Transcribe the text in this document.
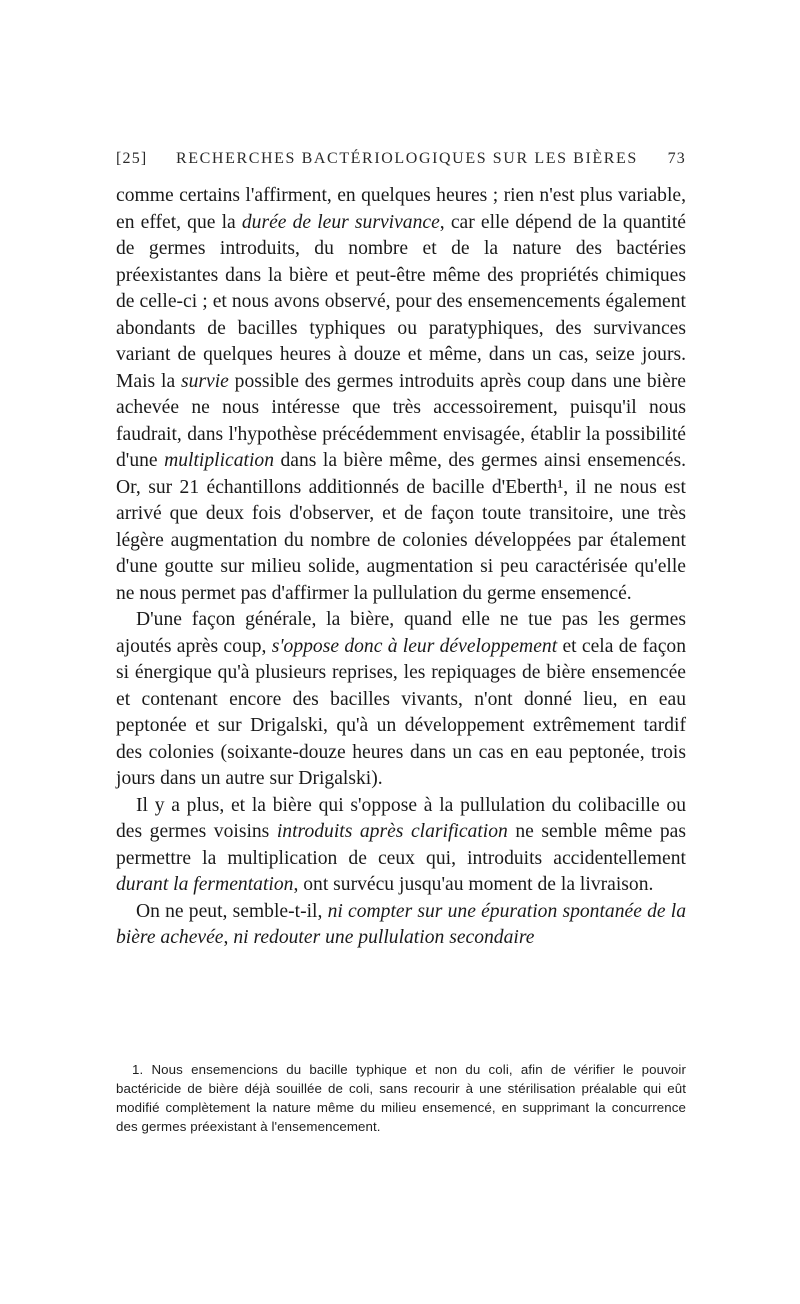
[25] RECHERCHES BACTÉRIOLOGIQUES SUR LES BIÈRES 73

comme certains l'affirment, en quelques heures ; rien n'est plus variable, en effet, que la durée de leur survivance, car elle dépend de la quantité de germes introduits, du nombre et de la nature des bactéries préexistantes dans la bière et peut-être même des propriétés chimiques de celle-ci ; et nous avons observé, pour des ensemencements également abondants de bacilles typhiques ou paratyphiques, des survivances variant de quelques heures à douze et même, dans un cas, seize jours. Mais la survie possible des germes introduits après coup dans une bière achevée ne nous intéresse que très accessoirement, puisqu'il nous faudrait, dans l'hypothèse précédemment envisagée, établir la possibilité d'une multiplication dans la bière même, des germes ainsi ensemencés. Or, sur 21 échantillons additionnés de bacille d'Eberth¹, il ne nous est arrivé que deux fois d'observer, et de façon toute transitoire, une très légère augmentation du nombre de colonies développées par étalement d'une goutte sur milieu solide, augmentation si peu caractérisée qu'elle ne nous permet pas d'affirmer la pullulation du germe ensemencé.

D'une façon générale, la bière, quand elle ne tue pas les germes ajoutés après coup, s'oppose donc à leur développement et cela de façon si énergique qu'à plusieurs reprises, les repiquages de bière ensemencée et contenant encore des bacilles vivants, n'ont donné lieu, en eau peptonée et sur Drigalski, qu'à un développement extrêmement tardif des colonies (soixante-douze heures dans un cas en eau peptonée, trois jours dans un autre sur Drigalski).

Il y a plus, et la bière qui s'oppose à la pullulation du colibacille ou des germes voisins introduits après clarification ne semble même pas permettre la multiplication de ceux qui, introduits accidentellement durant la fermentation, ont survécu jusqu'au moment de la livraison.

On ne peut, semble-t-il, ni compter sur une épuration spontanée de la bière achevée, ni redouter une pullulation secondaire

1. Nous ensemencions du bacille typhique et non du coli, afin de vérifier le pouvoir bactéricide de bière déjà souillée de coli, sans recourir à une stérilisation préalable qui eût modifié complètement la nature même du milieu ensemencé, en supprimant la concurrence des germes préexistant à l'ensemencement.
